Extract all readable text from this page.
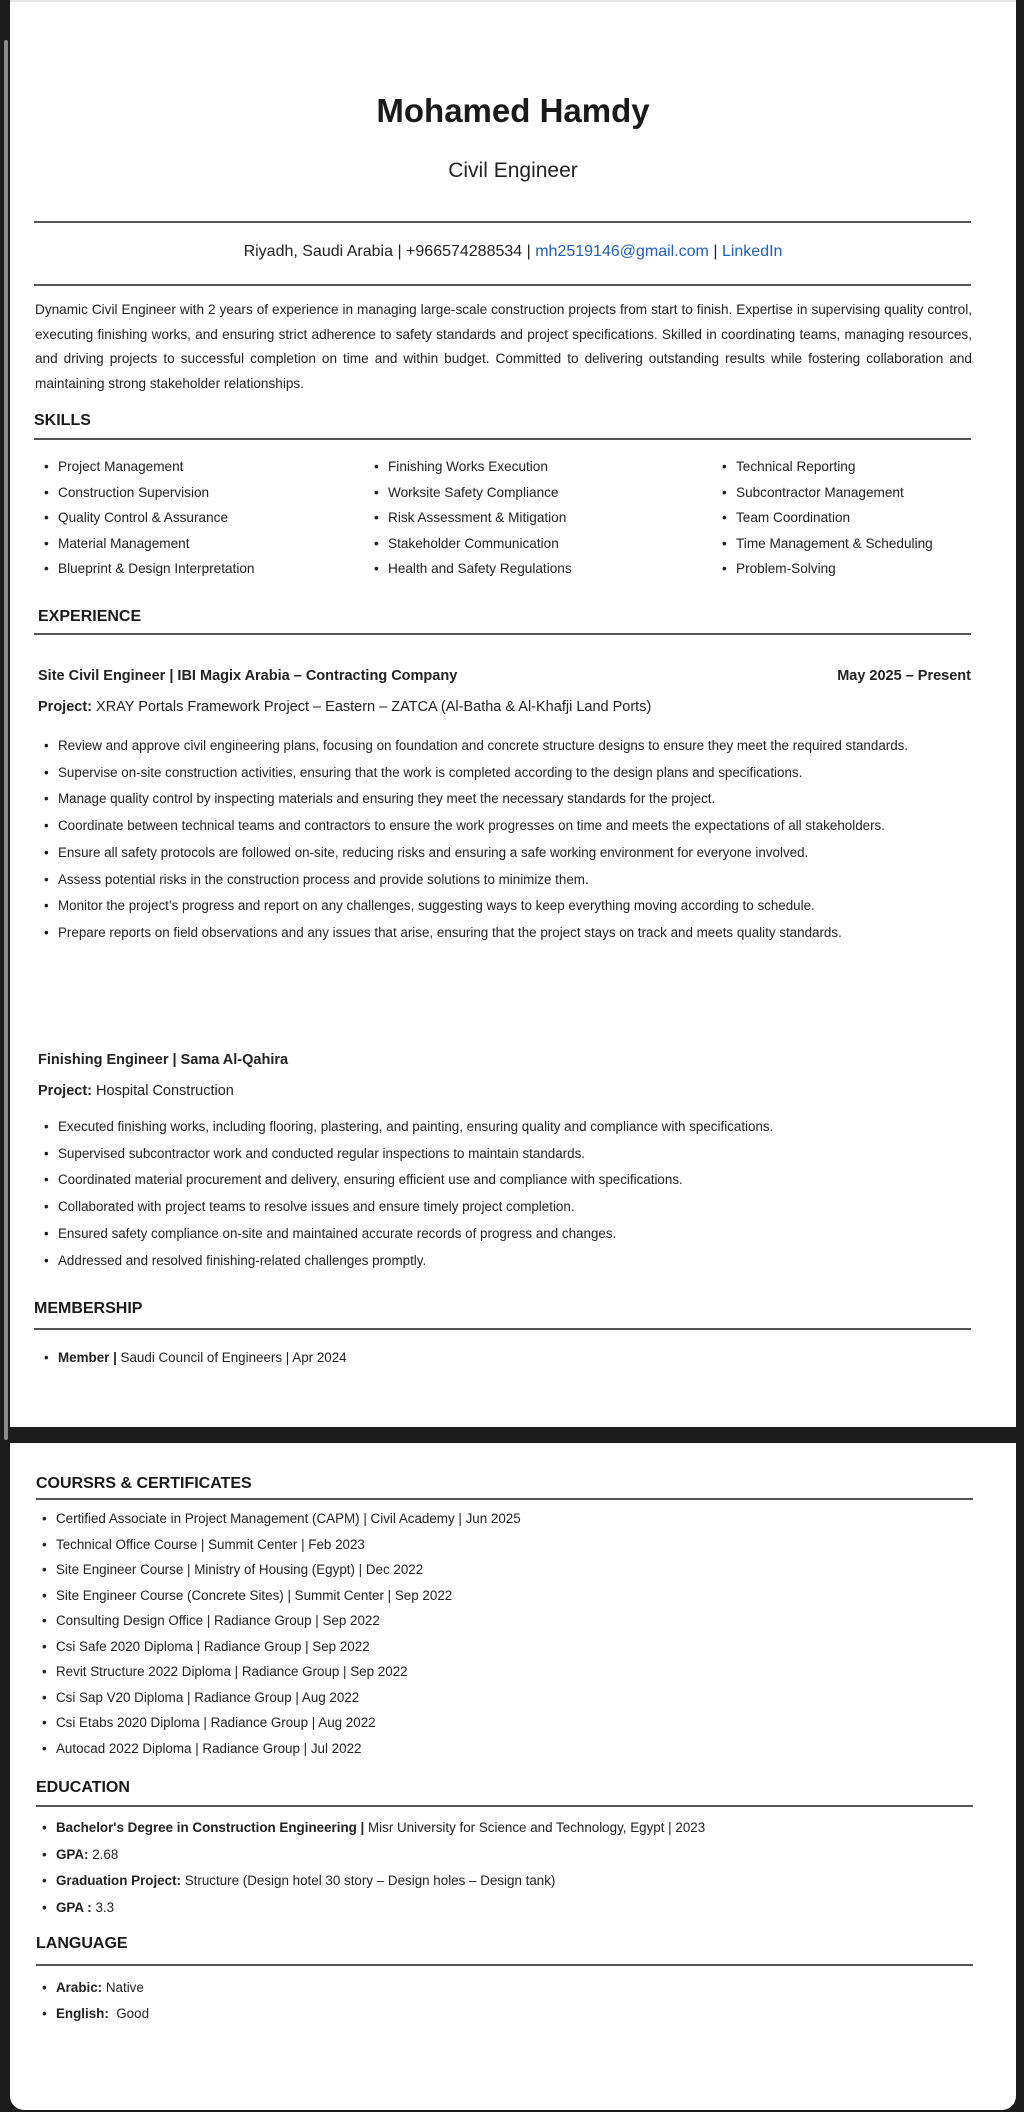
Mohamed Hamdy
Civil Engineer
Riyadh, Saudi Arabia | +966574288534 | mh2519146@gmail.com | LinkedIn
Dynamic Civil Engineer with 2 years of experience in managing large-scale construction projects from start to finish. Expertise in supervising quality control, executing finishing works, and ensuring strict adherence to safety standards and project specifications. Skilled in coordinating teams, managing resources, and driving projects to successful completion on time and within budget. Committed to delivering outstanding results while fostering collaboration and maintaining strong stakeholder relationships.
SKILLS
• Project Management
• Construction Supervision
• Quality Control & Assurance
• Material Management
• Blueprint & Design Interpretation
• Finishing Works Execution
• Worksite Safety Compliance
• Risk Assessment & Mitigation
• Stakeholder Communication
• Health and Safety Regulations
• Technical Reporting
• Subcontractor Management
• Team Coordination
• Time Management & Scheduling
• Problem-Solving
EXPERIENCE
Site Civil Engineer | IBI Magix Arabia – Contracting Company	May 2025 – Present
Project: XRAY Portals Framework Project – Eastern – ZATCA (Al-Batha & Al-Khafji Land Ports)
• Review and approve civil engineering plans, focusing on foundation and concrete structure designs to ensure they meet the required standards.
• Supervise on-site construction activities, ensuring that the work is completed according to the design plans and specifications.
• Manage quality control by inspecting materials and ensuring they meet the necessary standards for the project.
• Coordinate between technical teams and contractors to ensure the work progresses on time and meets the expectations of all stakeholders.
• Ensure all safety protocols are followed on-site, reducing risks and ensuring a safe working environment for everyone involved.
• Assess potential risks in the construction process and provide solutions to minimize them.
• Monitor the project’s progress and report on any challenges, suggesting ways to keep everything moving according to schedule.
• Prepare reports on field observations and any issues that arise, ensuring that the project stays on track and meets quality standards.
Finishing Engineer | Sama Al-Qahira
Project: Hospital Construction
• Executed finishing works, including flooring, plastering, and painting, ensuring quality and compliance with specifications.
• Supervised subcontractor work and conducted regular inspections to maintain standards.
• Coordinated material procurement and delivery, ensuring efficient use and compliance with specifications.
• Collaborated with project teams to resolve issues and ensure timely project completion.
• Ensured safety compliance on-site and maintained accurate records of progress and changes.
• Addressed and resolved finishing-related challenges promptly.
MEMBERSHIP
• Member | Saudi Council of Engineers | Apr 2024
COURSRS & CERTIFICATES
• Certified Associate in Project Management (CAPM) | Civil Academy | Jun 2025
• Technical Office Course | Summit Center | Feb 2023
• Site Engineer Course | Ministry of Housing (Egypt) | Dec 2022
• Site Engineer Course (Concrete Sites) | Summit Center | Sep 2022
• Consulting Design Office | Radiance Group | Sep 2022
• Csi Safe 2020 Diploma | Radiance Group | Sep 2022
• Revit Structure 2022 Diploma | Radiance Group | Sep 2022
• Csi Sap V20 Diploma | Radiance Group | Aug 2022
• Csi Etabs 2020 Diploma | Radiance Group | Aug 2022
• Autocad 2022 Diploma | Radiance Group | Jul 2022
EDUCATION
• Bachelor's Degree in Construction Engineering | Misr University for Science and Technology, Egypt | 2023
• GPA: 2.68
• Graduation Project: Structure (Design hotel 30 story – Design holes – Design tank)
• GPA : 3.3
LANGUAGE
• Arabic: Native
• English:  Good
